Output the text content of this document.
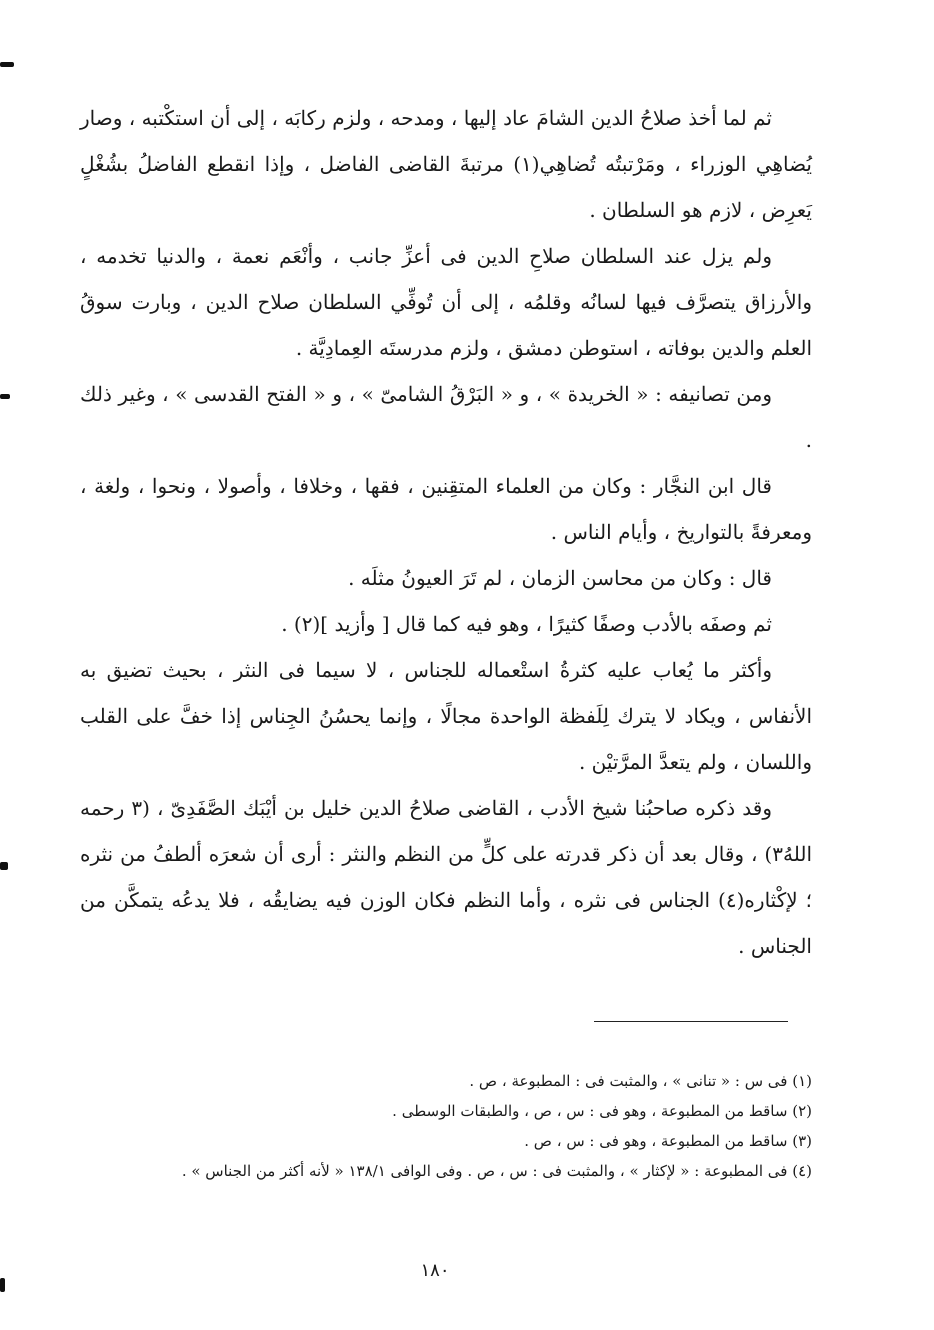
ثم لما أخذ صلاحُ الدين الشامَ عاد إليها ، ومدحه ، ولزم ركابَه ، إلى أن استكْتبه ، وصار يُضاهِي الوزراء ، ومَرْتبتُه تُضاهِي(١) مرتبةَ القاضى الفاضل ، وإذا انقطع الفاضلُ بشُغْلٍ يَعرِض ، لازم هو السلطان .

ولم يزل عند السلطان صلاحِ الدين فى أعزِّ جانب ، وأنْعَم نعمة ، والدنيا تخدمه ، والأرزاق يتصرَّف فيها لسانُه وقلمُه ، إلى أن تُوفِّي السلطان صلاح الدين ، وبارت سوقُ العلم والدين بوفاته ، استوطن دمشق ، ولزم مدرستَه العِمادِيَّة .

ومن تصانيفه : « الخريدة » ، و « البَرْقُ الشامىّ » ، و « الفتح القدسى » ، وغير ذلك .

قال ابن النجَّار : وكان من العلماء المتقِنين ، فقها ، وخلافا ، وأصولا ، ونحوا ، ولغة ، ومعرفةً بالتواريخ ، وأيام الناس .

قال : وكان من محاسن الزمان ، لم تَرَ العيونُ مثلَه .

ثم وصفَه بالأدب وصفًا كثيرًا ، وهو فيه كما قال [ وأزيد ](٢) .

وأكثر ما يُعاب عليه كثرةُ استْعماله للجناس ، لا سيما فى النثر ، بحيث تضيق به الأنفاس ، ويكاد لا يترك لِلَفظة الواحدة مجالًا ، وإنما يحسُنُ الجِناس إذا خفَّ على القلب واللسان ، ولم يتعدَّ المرَّتيْن .

وقد ذكره صاحبُنا شيخ الأدب ، القاضى صلاحُ الدين خليل بن أيْبَك الصَّفَدِىّ ، (٣ رحمه اللهُ٣) ، وقال بعد أن ذكر قدرته على كلٍّ من النظم والنثر : أرى أن شعرَه ألطفُ من نثره ؛ لإكْثاره(٤) الجناس فى نثره ، وأما النظم فكان الوزن فيه يضايقُه ، فلا يدعُه يتمكَّن من الجناس .

(١) فى س : « تنانى » ، والمثبت فى : المطبوعة ، ص .

(٢) ساقط من المطبوعة ، وهو فى : س ، ص ، والطبقات الوسطى .

(٣) ساقط من المطبوعة ، وهو فى : س ، ص .

(٤) فى المطبوعة : « لإكثار » ، والمثبت فى : س ، ص . وفى الوافى ١٣٨/١ « لأنه أكثر من الجناس » .

١٨٠
